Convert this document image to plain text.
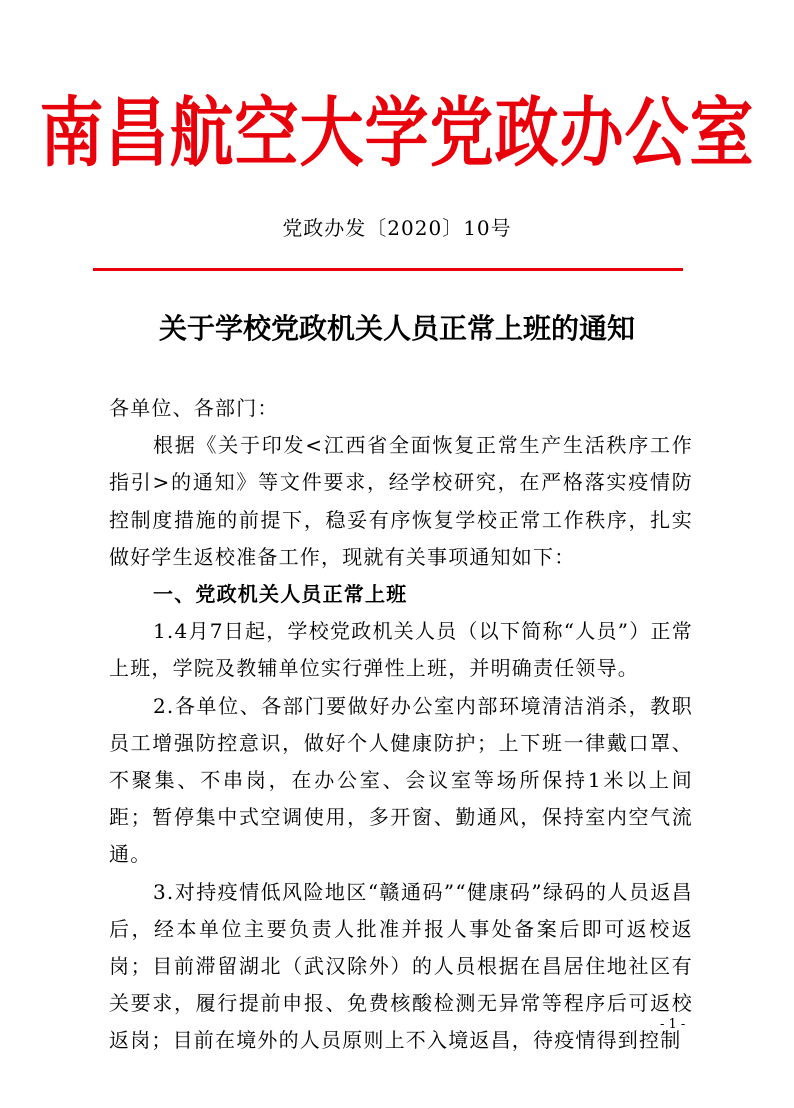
南昌航空大学党政办公室
党政办发〔2020〕10号
关于学校党政机关人员正常上班的通知

各单位、各部门：

根据《关于印发<江西省全面恢复正常生产生活秩序工作指引>的通知》等文件要求，经学校研究，在严格落实疫情防控制度措施的前提下，稳妥有序恢复学校正常工作秩序，扎实做好学生返校准备工作，现就有关事项通知如下：

一、党政机关人员正常上班

1.4月7日起，学校党政机关人员（以下简称“人员”）正常上班，学院及教辅单位实行弹性上班，并明确责任领导。

2.各单位、各部门要做好办公室内部环境清洁消杀，教职员工增强防控意识，做好个人健康防护；上下班一律戴口罩、不聚集、不串岗，在办公室、会议室等场所保持1米以上间距；暂停集中式空调使用，多开窗、勤通风，保持室内空气流通。

3.对持疫情低风险地区“赣通码”“健康码”绿码的人员返昌后，经本单位主要负责人批准并报人事处备案后即可返校返岗；目前滞留湖北（武汉除外）的人员根据在昌居住地社区有关要求，履行提前申报、免费核酸检测无异常等程序后可返校返岗；目前在境外的人员原则上不入境返昌，待疫情得到控制

- 1 -
